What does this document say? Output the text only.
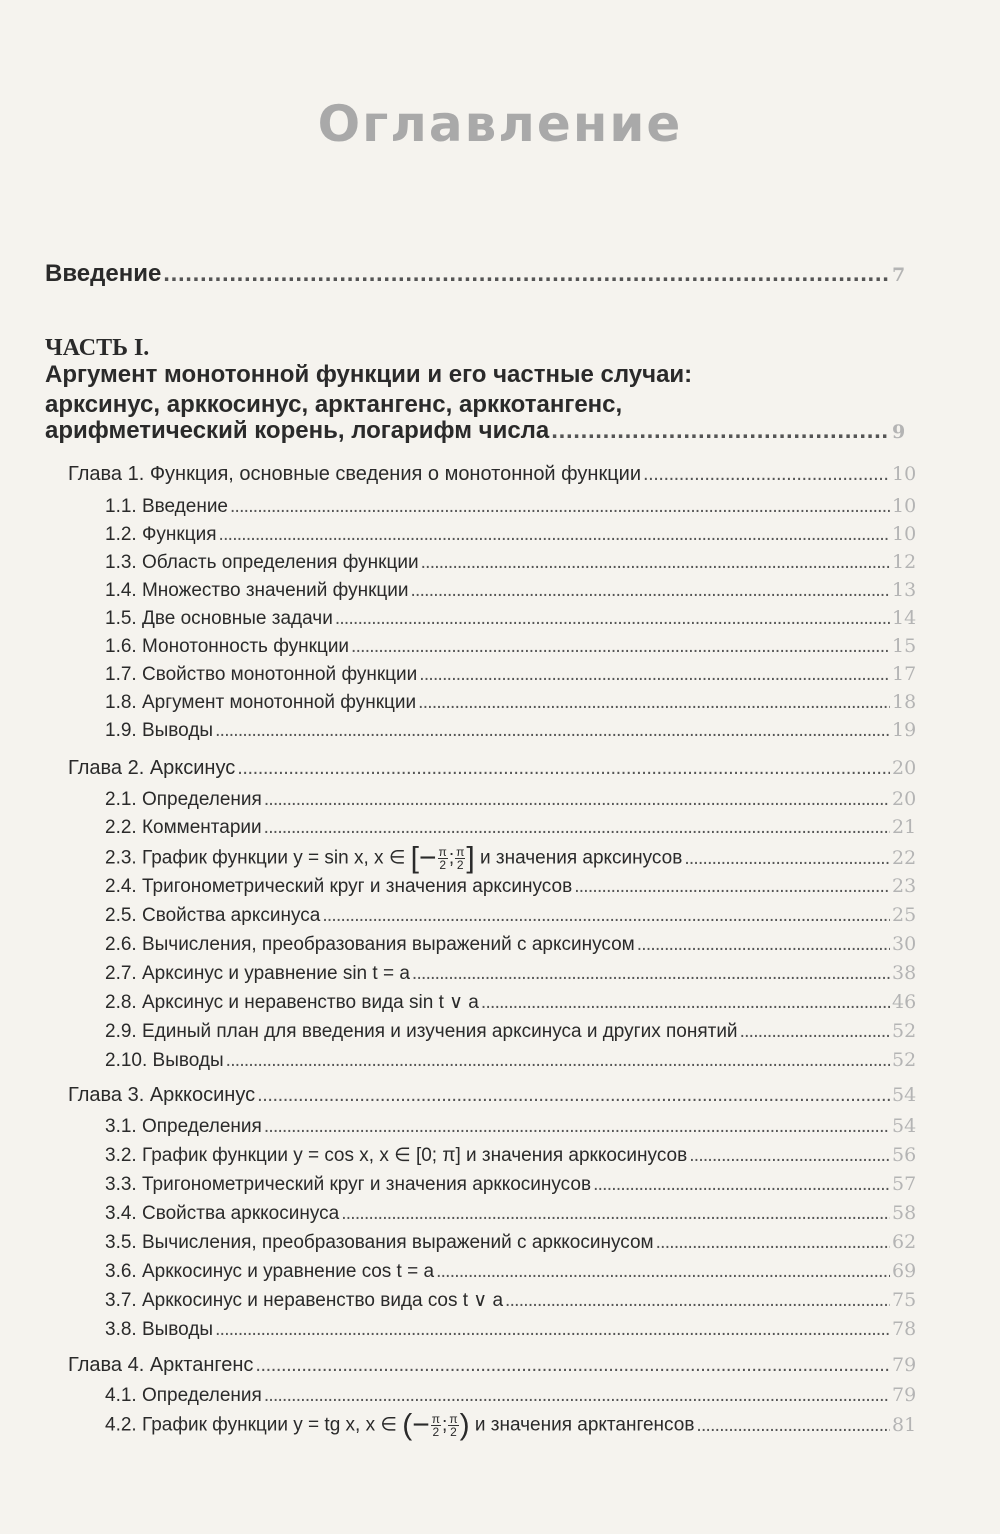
Оглавление
Введение . . .	7
ЧАСТЬ I.
Аргумент монотонной функции и его частные случаи:
арксинус, арккосинус, арктангенс, арккотангенс,
арифметический корень, логарифм числа . . .	9
Глава 1. Функция, основные сведения о монотонной функции . . .	10
1.1. Введение . . .	10
1.2. Функция . . .	10
1.3. Область определения функции . . .	12
1.4. Множество значений функции . . .	13
1.5. Две основные задачи . . .	14
1.6. Монотонность функции . . .	15
1.7. Свойство монотонной функции . . .	17
1.8. Аргумент монотонной функции . . .	18
1.9. Выводы . . .	19
Глава 2. Арксинус . . .	20
2.1. Определения . . .	20
2.2. Комментарии . . .	21
2.3. График функции y = sin x, x ∈ [− $\frac{\pi}{2}$ ; $\frac{\pi}{2}$ ] и значения арксинусов . . .	22
2.4. Тригонометрический круг и значения арксинусов . . .	23
2.5. Свойства арксинуса . . .	25
2.6. Вычисления, преобразования выражений с арксинусом . . .	30
2.7. Арксинус и уравнение sin t = a . . .	38
2.8. Арксинус и неравенство вида sin t ∨ a . . .	46
2.9. Единый план для введения и изучения арксинуса и других понятий . . .	52
2.10. Выводы . . .	52
Глава 3. Арккосинус . . .	54
3.1. Определения . . .	54
3.2. График функции y = cos x, x ∈ [0; π] и значения арккосинусов . . .	56
3.3. Тригонометрический круг и значения арккосинусов . . .	57
3.4. Свойства арккосинуса . . .	58
3.5. Вычисления, преобразования выражений с арккосинусом . . .	62
3.6. Арккосинус и уравнение cos t = a . . .	69
3.7. Арккосинус и неравенство вида cos t ∨ a . . .	75
3.8. Выводы . . .	78
Глава 4. Арктангенс . . .	79
4.1. Определения . . .	79
4.2. График функции y = tg x, x ∈ (− $\frac{\pi}{2}$ ; $\frac{\pi}{2}$ ) и значения арктангенсов . . .	81
